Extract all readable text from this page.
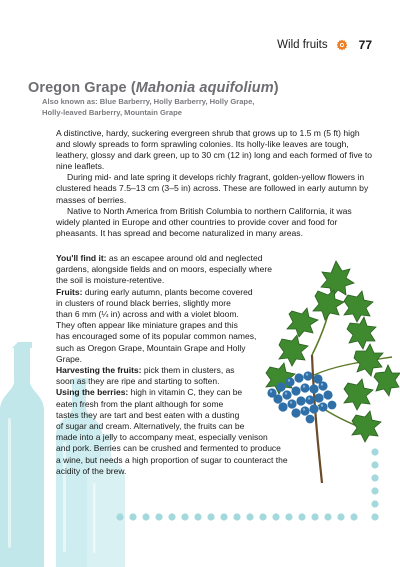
Wild fruits	77
Oregon Grape (Mahonia aquifolium)
Also known as: Blue Barberry, Holly Barberry, Holly Grape,
Holly-leaved Barberry, Mountain Grape

A distinctive, hardy, suckering evergreen shrub that grows up to 1.5 m (5 ft) high and slowly spreads to form sprawling colonies. Its holly-like leaves are tough, leathery, glossy and dark green, up to 30 cm (12 in) long and each formed of five to nine leaflets.

During mid- and late spring it develops richly fragrant, golden-yellow flowers in clustered heads 7.5–13 cm (3–5 in) across. These are followed in early autumn by masses of berries.

Native to North America from British Columbia to northern California, it was widely planted in Europe and other countries to provide cover and food for pheasants. It has spread and become naturalized in many areas.

You'll find it: as an escapee around old and neglected
gardens, alongside fields and on moors, especially where
the soil is moisture-retentive.
Fruits: during early autumn, plants become covered
in clusters of round black berries, slightly more
than 6 mm (¼ in) across and with a violet bloom.
They often appear like miniature grapes and this
has encouraged some of its popular common names,
such as Oregon Grape, Mountain Grape and Holly
Grape.
Harvesting the fruits: pick them in clusters, as
soon as they are ripe and starting to soften.
Using the berries: high in vitamin C, they can be
eaten fresh from the plant although for some
tastes they are tart and best eaten with a dusting
of sugar and cream. Alternatively, the fruits can be
made into a jelly to accompany meat, especially venison
and pork. Berries can be crushed and fermented to produce
a wine, but needs a high proportion of sugar to counteract the
acidity of the brew.
